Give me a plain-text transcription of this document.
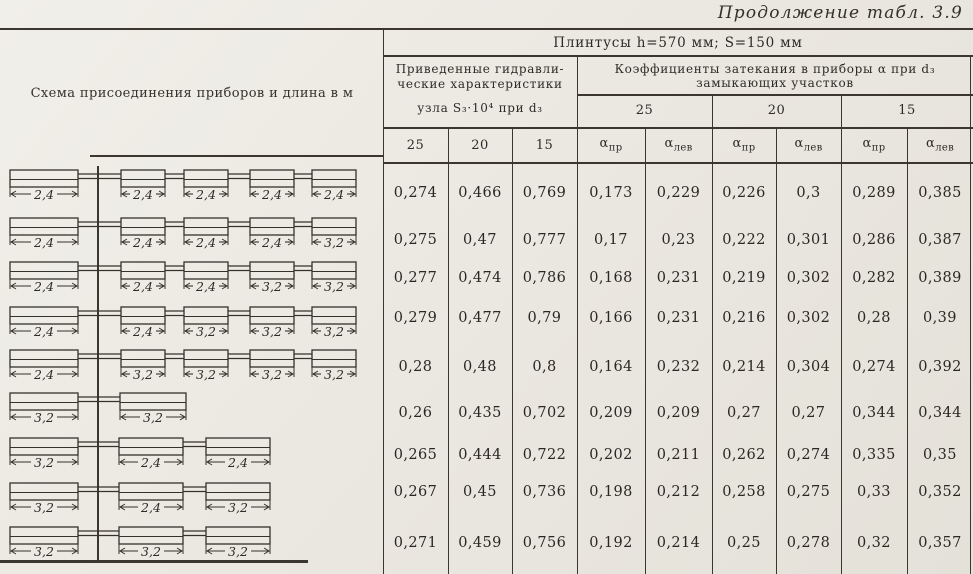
Продолжение табл. 3.9
Схема присоединения приборов и длина в м
Плинтусы h=570 мм; S=150 мм
Приведенные гидравли-
ческие характеристики
узла S₃·10⁴ при d₃
Коэффициенты затекания в приборы α при d₃
замыкающих участков
25	20	15
25	20	15	$\alpha_{пр}$	$\alpha_{лев}$	$\alpha_{пр}$	$\alpha_{лев}$	$\alpha_{пр}$	$\alpha_{лев}$
0,274	0,466	0,769	0,173	0,229	0,226	0,3	0,289	0,385
0,275	0,47	0,777	0,17	0,23	0,222	0,301	0,286	0,387
0,277	0,474	0,786	0,168	0,231	0,219	0,302	0,282	0,389
0,279	0,477	0,79	0,166	0,231	0,216	0,302	0,28	0,39
0,28	0,48	0,8	0,164	0,232	0,214	0,304	0,274	0,392
0,26	0,435	0,702	0,209	0,209	0,27	0,27	0,344	0,344
0,265	0,444	0,722	0,202	0,211	0,262	0,274	0,335	0,35
0,267	0,45	0,736	0,198	0,212	0,258	0,275	0,33	0,352
0,271	0,459	0,756	0,192	0,214	0,25	0,278	0,32	0,357
2,4	2,4	2,4	2,4	2,4
2,4	2,4	2,4	2,4	3,2
2,4	2,4	2,4	3,2	3,2
2,4	2,4	3,2	3,2	3,2
2,4	3,2	3,2	3,2	3,2
3,2	3,2
3,2	2,4	2,4
3,2	2,4	3,2
3,2	3,2	3,2
